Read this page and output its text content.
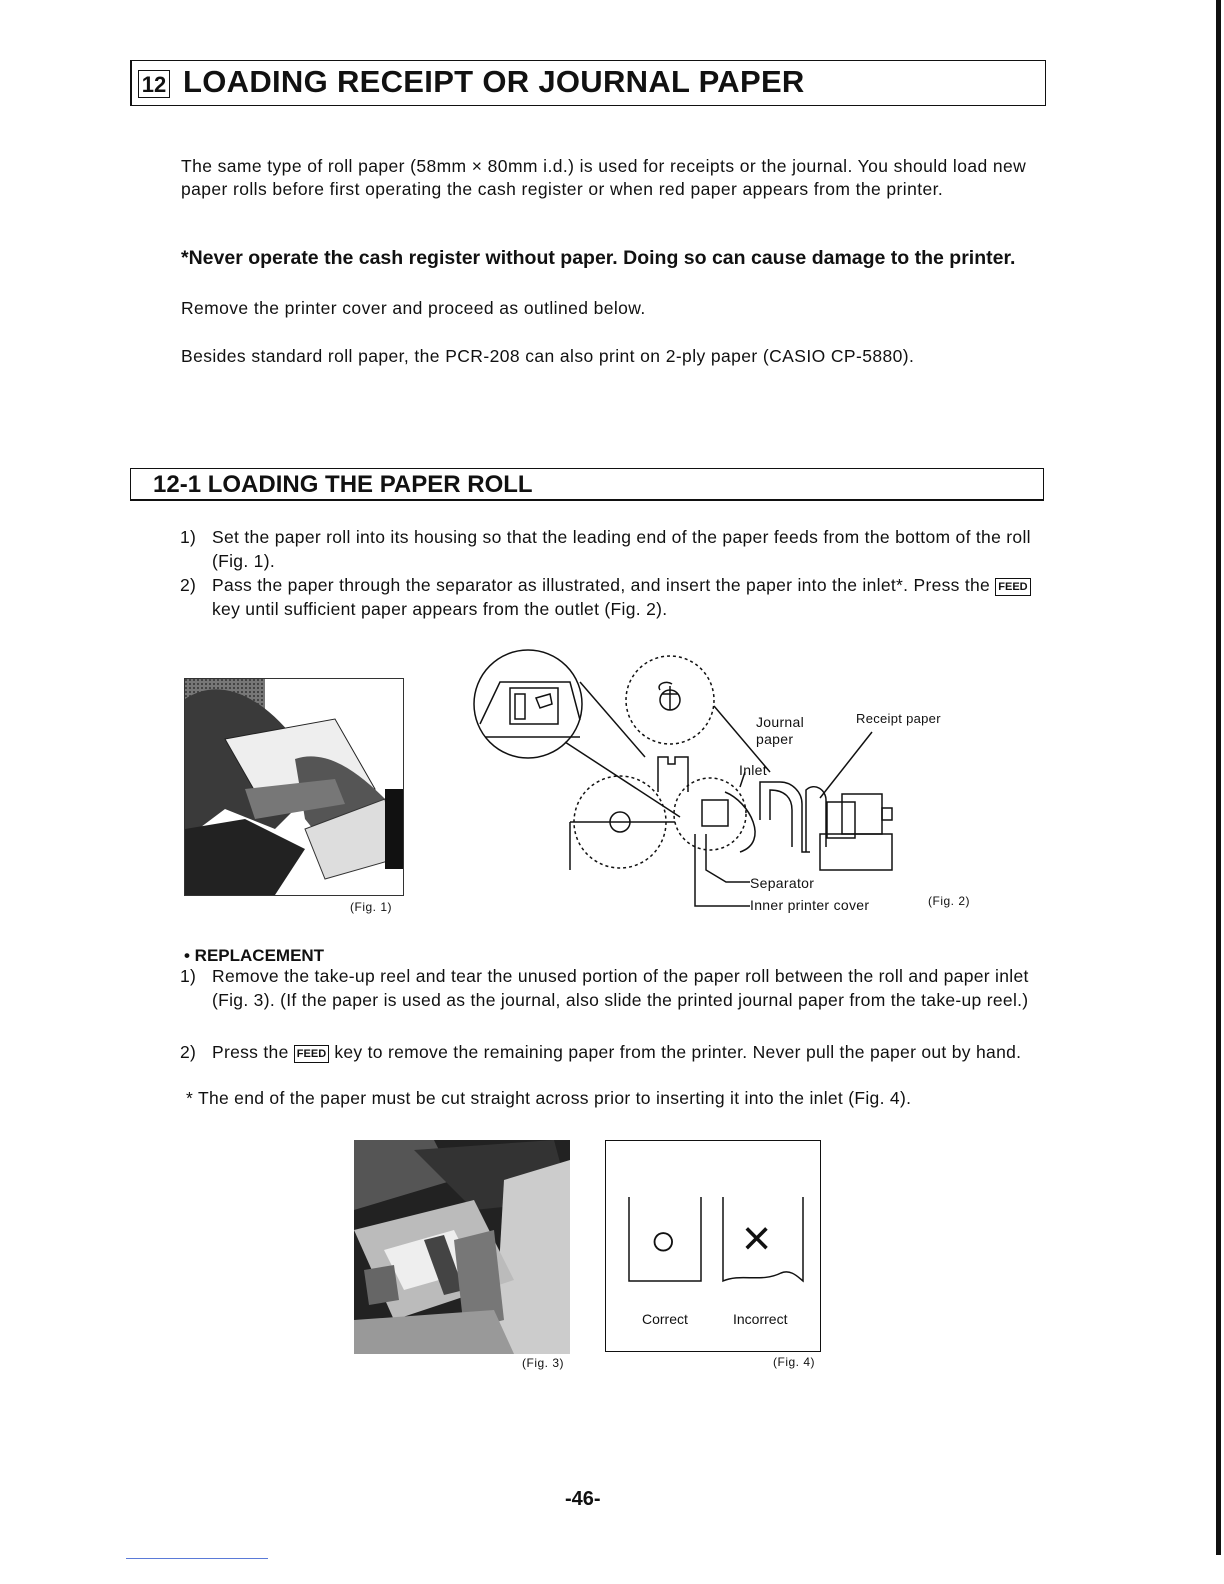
12 LOADING RECEIPT OR JOURNAL PAPER
The same type of roll paper (58mm × 80mm i.d.) is used for receipts or the journal. You should load new paper rolls before first operating the cash register or when red paper appears from the printer.
*Never operate the cash register without paper. Doing so can cause damage to the printer.
Remove the printer cover and proceed as outlined below.
Besides standard roll paper, the PCR-208 can also print on 2-ply paper (CASIO CP-5880).
12-1 LOADING THE PAPER ROLL
1) Set the paper roll into its housing so that the leading end of the paper feeds from the bottom of the roll (Fig. 1).
2) Pass the paper through the separator as illustrated, and insert the paper into the inlet*. Press the FEED key until sufficient paper appears from the outlet (Fig. 2).
(Fig. 1)
Journal
paper
Receipt paper
Inlet
Separator
Inner printer cover	(Fig. 2)
• REPLACEMENT
1) Remove the take-up reel and tear the unused portion of the paper roll between the roll and paper inlet (Fig. 3). (If the paper is used as the journal, also slide the printed journal paper from the take-up reel.)
2) Press the FEED key to remove the remaining paper from the printer. Never pull the paper out by hand.
* The end of the paper must be cut straight across prior to inserting it into the inlet (Fig. 4).
(Fig. 3)
○ ×
Correct	Incorrect
(Fig. 4)
-46-
